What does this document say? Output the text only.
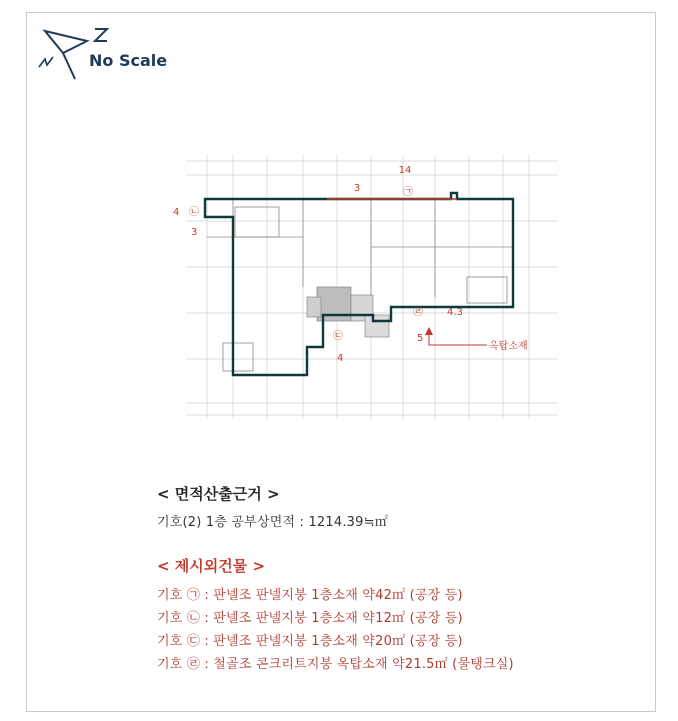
No Scale
14
3
4
3
4
4.3
5
㉠
㉡
㉢
㉣
옥탑소재
< 면적산출근거 >
기호(2) 1층 공부상면적 : 1214.39≒㎡
< 제시외건물 >
기호 ㉠ : 판넬조 판넬지붕 1층소재 약42㎡ (공장 등)
기호 ㉡ : 판넬조 판넬지붕 1층소재 약12㎡ (공장 등)
기호 ㉢ : 판넬조 판넬지붕 1층소재 약20㎡ (공장 등)
기호 ㉣ : 철골조 콘크리트지붕 옥탑소재 약21.5㎡ (물탱크실)
